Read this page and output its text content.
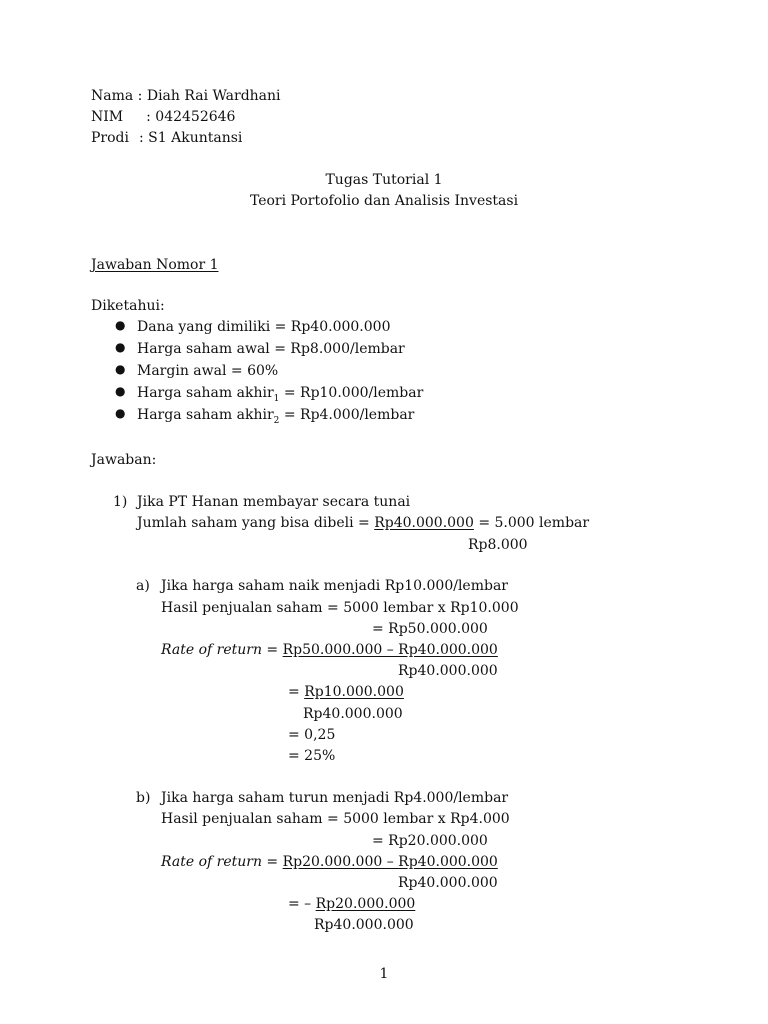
Nama : Diah Rai Wardhani
NIM : 042452646
Prodi : S1 Akuntansi
Tugas Tutorial 1
Teori Portofolio dan Analisis Investasi
Jawaban Nomor 1
Diketahui:
● Dana yang dimiliki = Rp40.000.000
● Harga saham awal = Rp8.000/lembar
● Margin awal = 60%
● Harga saham akhir$_1$ = Rp10.000/lembar
● Harga saham akhir$_2$ = Rp4.000/lembar
Jawaban:
1) Jika PT Hanan membayar secara tunai
Jumlah saham yang bisa dibeli = Rp40.000.000 = 5.000 lembar
Rp8.000
a) Jika harga saham naik menjadi Rp10.000/lembar
Hasil penjualan saham = 5000 lembar x Rp10.000
= Rp50.000.000
Rate of return = Rp50.000.000 – Rp40.000.000
Rp40.000.000
= Rp10.000.000
Rp40.000.000
= 0,25
= 25%
b) Jika harga saham turun menjadi Rp4.000/lembar
Hasil penjualan saham = 5000 lembar x Rp4.000
= Rp20.000.000
Rate of return = Rp20.000.000 – Rp40.000.000
Rp40.000.000
= – Rp20.000.000
Rp40.000.000
1
